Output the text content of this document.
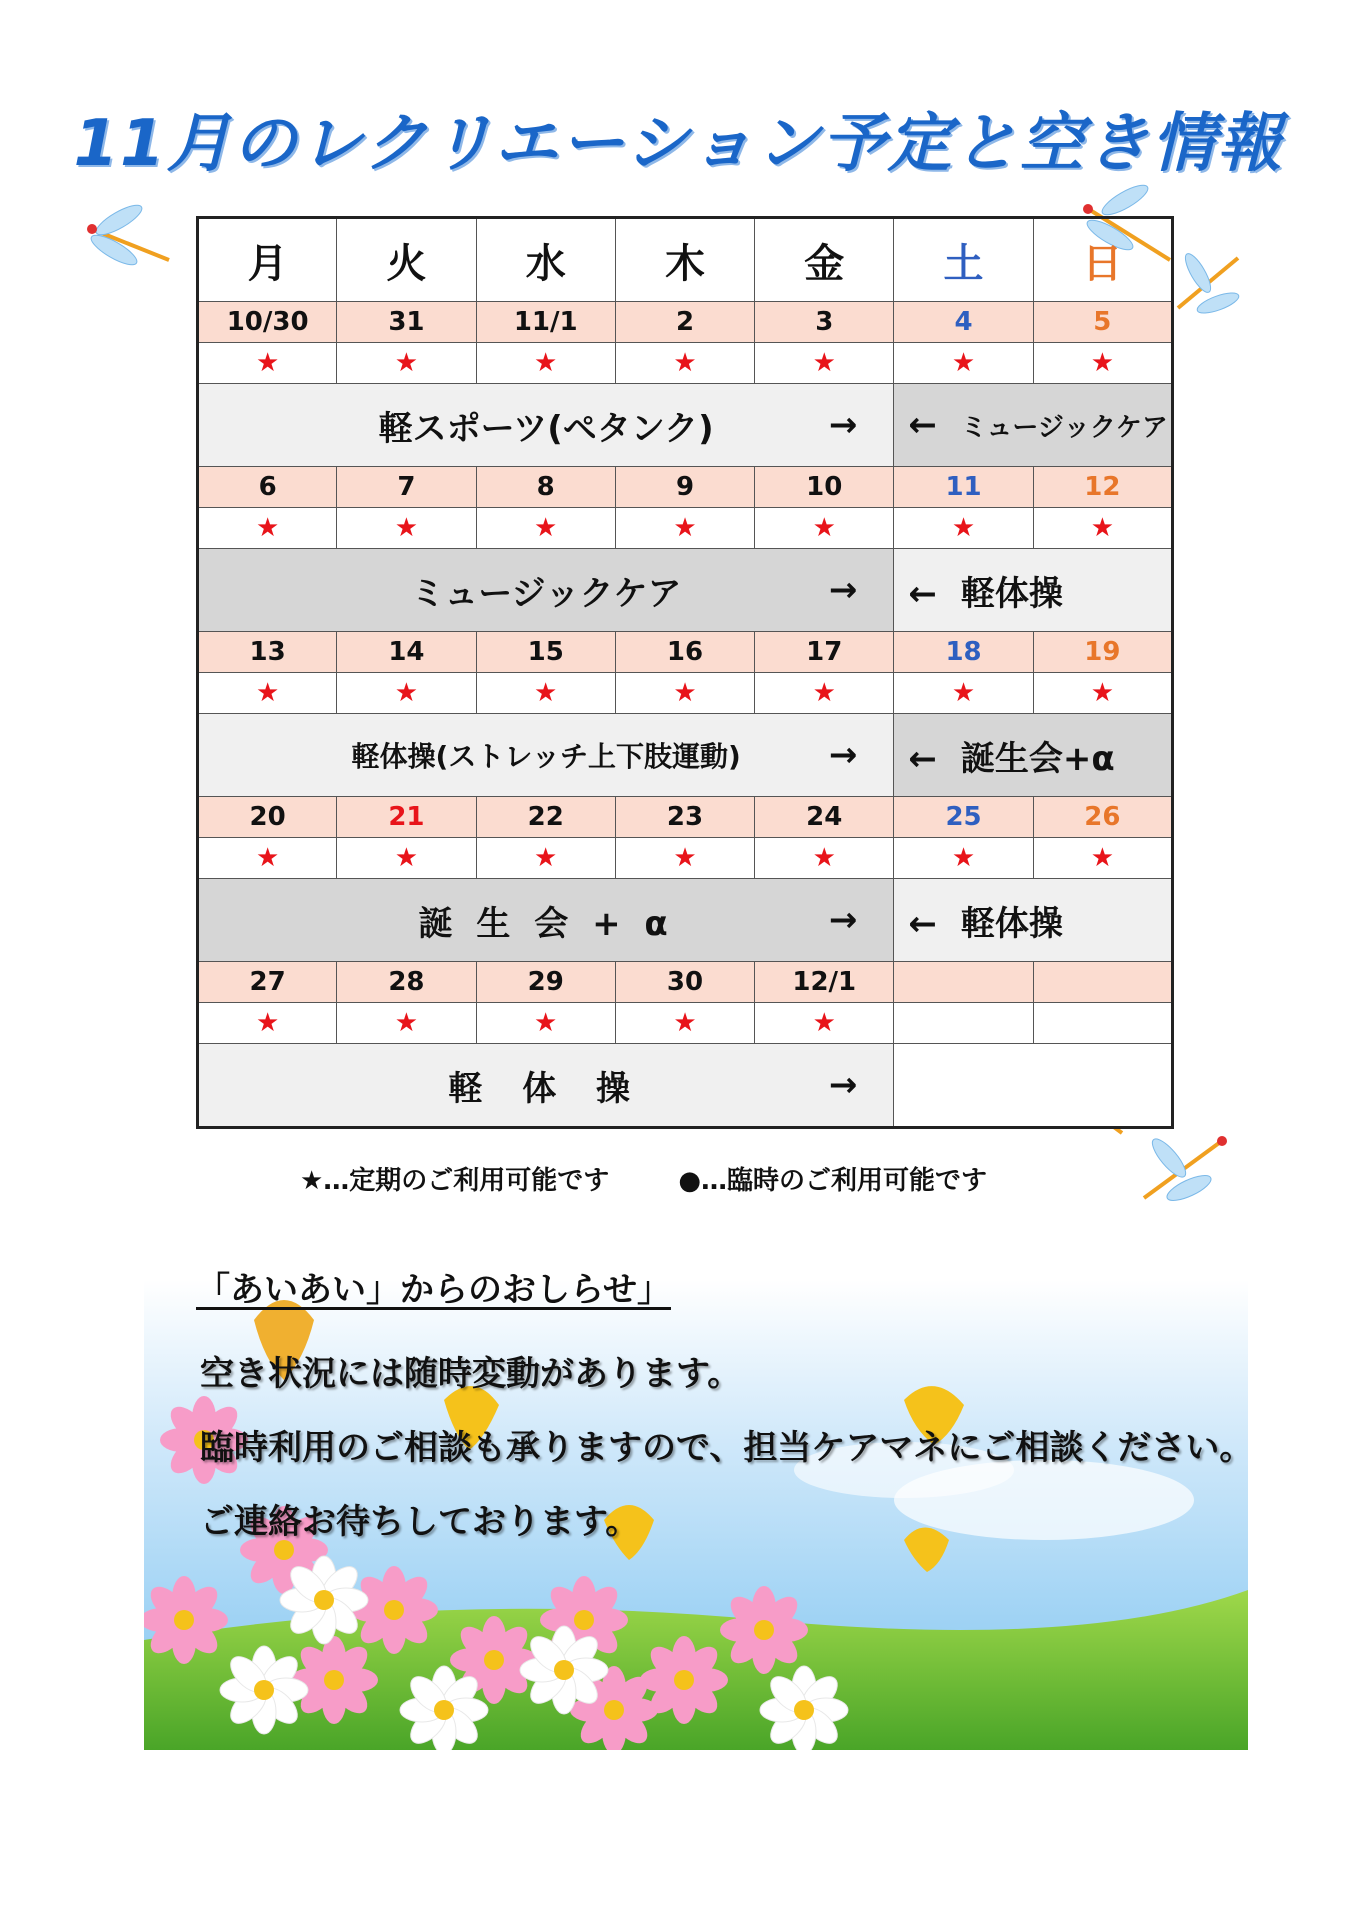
11月のレクリエーション予定と空き情報
月	火	水	木	金	土	日
10/30	31	11/1	2	3	4	5
★	★	★	★	★	★	★
軽スポーツ(ペタンク) →					← ミュージックケア	
6	7	8	9	10	11	12
★	★	★	★	★	★	★
ミュージックケア →					← 軽体操	
13	14	15	16	17	18	19
★	★	★	★	★	★	★
軽体操(ストレッチ上下肢運動) →					← 誕生会+α	
20	21	22	23	24	25	26
★	★	★	★	★	★	★
誕 生 会 + α →					← 軽体操	
27	28	29	30	12/1		
★	★	★	★	★		
軽 体 操 →						

★…定期のご利用可能です	●…臨時のご利用可能です
「あいあい」からのおしらせ」
空き状況には随時変動があります。
臨時利用のご相談も承りますので、担当ケアマネにご相談ください。
ご連絡お待ちしております。
